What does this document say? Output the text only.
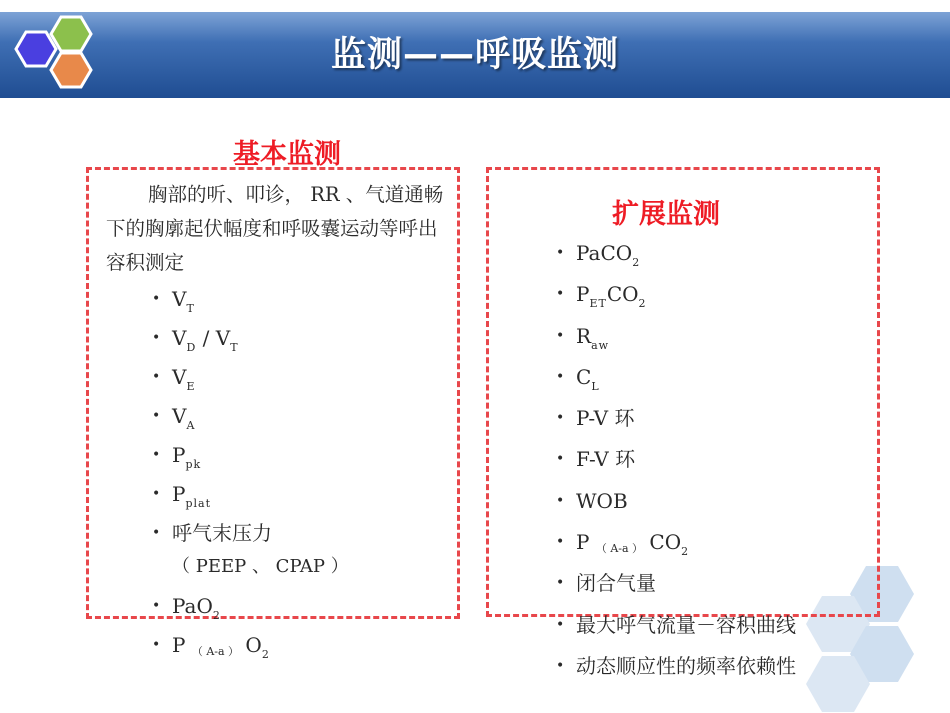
监测——呼吸监测
基本监测
胸部的听、叩诊， RR 、气道通畅下的胸廓起伏幅度和呼吸囊运动等呼出容积测定
• $V_T$
• $V_D / V_T$
• $V_E$
• $V_A$
• $P_{pk}$
• $P_{plat}$
• 呼气末压力
（ PEEP 、 CPAP ）
• PaO$_2$
• P （ A-a ） $O_2$
扩展监测
• PaCO$_2$
• $P_{ET}CO_2$
• $R_{aw}$
• $C_L$
• P-V 环
• F-V 环
• WOB
• P （ A-a ） $CO_2$
• 闭合气量
• 最大呼气流量－容积曲线
• 动态顺应性的频率依赖性
